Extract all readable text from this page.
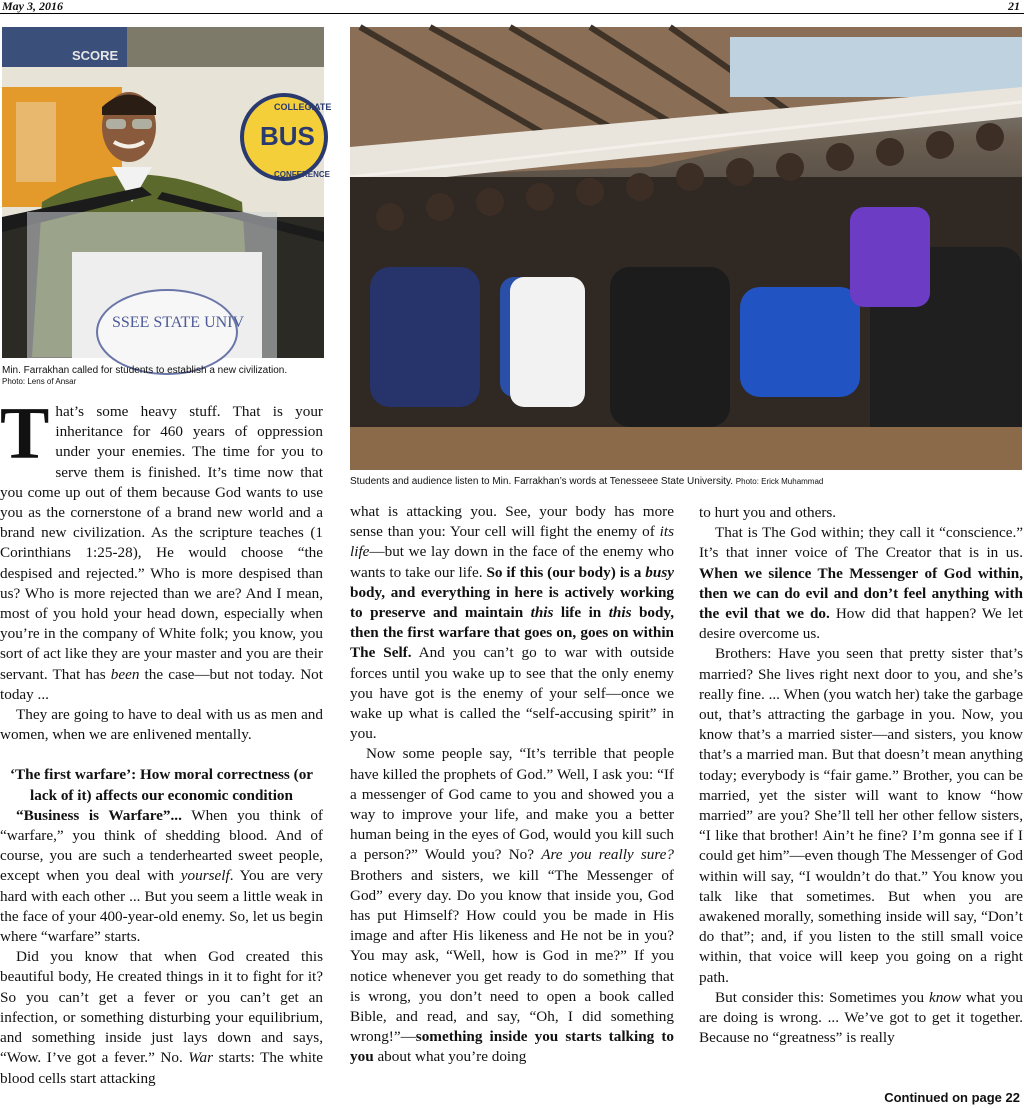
May 3, 2016	21
SCORE
COLLEGIATE
BUS
CONFERENCE
SSEE STATE UNIV
Min. Farrakhan called for students to establish a new civilization.
Photo: Lens of Ansar
Students and audience listen to Min. Farrakhan’s words at Tenesseee State University. Photo: Erick Muhammad

That’s some heavy stuff. That is your inheritance for 460 years of oppression under your enemies. The time for you to serve them is finished. It’s time now that you come up out of them because God wants to use you as the cornerstone of a brand new world and a brand new civilization. As the scripture teaches (1 Corinthians 1:25-28), He would choose “the despised and rejected.” Who is more despised than us? Who is more rejected than we are? And I mean, most of you hold your head down, especially when you’re in the company of White folk; you know, you sort of act like they are your master and you are their servant. That has been the case—but not today. Not today ...

They are going to have to deal with us as men and women, when we are enlivened mentally.

‘The first warfare’: How moral correctness (or lack of it) affects our economic condition

“Business is Warfare”... When you think of “warfare,” you think of shedding blood. And of course, you are such a tenderhearted sweet people, except when you deal with yourself. You are very hard with each other ... But you seem a little weak in the face of your 400-year-old enemy. So, let us begin where “warfare” starts.

Did you know that when God created this beautiful body, He created things in it to fight for it? So you can’t get a fever or you can’t get an infection, or something disturbing your equilibrium, and something inside just lays down and says, “Wow. I’ve got a fever.” No. War starts: The white blood cells start attacking

what is attacking you. See, your body has more sense than you: Your cell will fight the enemy of its life—but we lay down in the face of the enemy who wants to take our life. So if this (our body) is a busy body, and everything in here is actively working to preserve and maintain this life in this body, then the first warfare that goes on, goes on within The Self. And you can’t go to war with outside forces until you wake up to see that the only enemy you have got is the enemy of your self—once we wake up what is called the “self-accusing spirit” in you.

Now some people say, “It’s terrible that people have killed the prophets of God.” Well, I ask you: “If a messenger of God came to you and showed you a way to improve your life, and make you a better human being in the eyes of God, would you kill such a person?” Would you? No? Are you really sure? Brothers and sisters, we kill “The Messenger of God” every day. Do you know that inside you, God has put Himself? How could you be made in His image and after His likeness and He not be in you? You may ask, “Well, how is God in me?” If you notice whenever you get ready to do something that is wrong, you don’t need to open a book called Bible, and read, and say, “Oh, I did something wrong!”—something inside you starts talking to you about what you’re doing

to hurt you and others.

That is The God within; they call it “conscience.” It’s that inner voice of The Creator that is in us. When we silence The Messenger of God within, then we can do evil and don’t feel anything with the evil that we do. How did that happen? We let desire overcome us.

Brothers: Have you seen that pretty sister that’s married? She lives right next door to you, and she’s really fine. ... When (you watch her) take the garbage out, that’s attracting the garbage in you. Now, you know that’s a married sister—and sisters, you know that’s a married man. But that doesn’t mean anything today; everybody is “fair game.” Brother, you can be married, yet the sister will want to know “how married” are you? She’ll tell her other fellow sisters, “I like that brother! Ain’t he fine? I’m gonna see if I could get him”—even though The Messenger of God within will say, “I wouldn’t do that.” You know you talk like that sometimes. But when you are awakened morally, something inside will say, “Don’t do that”; and, if you listen to the still small voice within, that voice will keep you going on a right path.

But consider this: Sometimes you know what you are doing is wrong. ... We’ve got to get it together. Because no “greatness” is really

Continued on page 22
